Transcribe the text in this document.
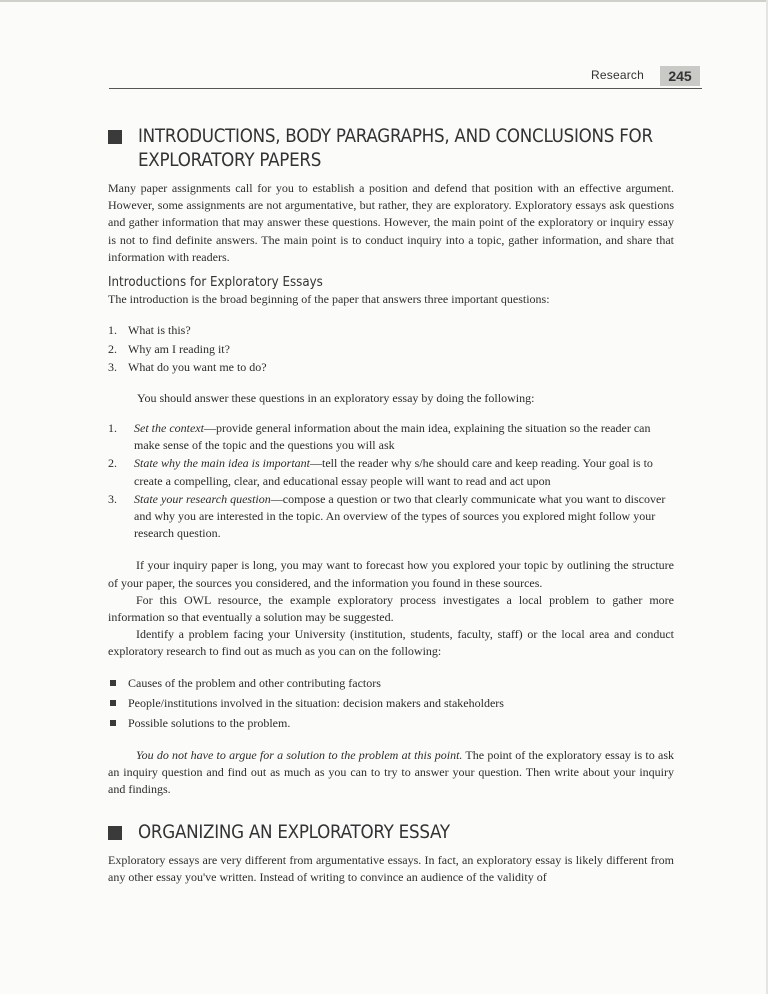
Research	245
INTRODUCTIONS, BODY PARAGRAPHS, AND CONCLUSIONS FOR
EXPLORATORY PAPERS

Many paper assignments call for you to establish a position and defend that position with an effective argument. However, some assignments are not argumentative, but rather, they are exploratory. Exploratory essays ask questions and gather information that may answer these questions. However, the main point of the exploratory or inquiry essay is not to find definite answers. The main point is to conduct inquiry into a topic, gather information, and share that information with readers.

Introductions for Exploratory Essays

The introduction is the broad beginning of the paper that answers three important questions:

1. What is this?
2. Why am I reading it?
3. What do you want me to do?

You should answer these questions in an exploratory essay by doing the following:

1. Set the context—provide general information about the main idea, explaining the situation so the reader can make sense of the topic and the questions you will ask
2. State why the main idea is important—tell the reader why s/he should care and keep reading. Your goal is to create a compelling, clear, and educational essay people will want to read and act upon
3. State your research question—compose a question or two that clearly communicate what you want to discover and why you are interested in the topic. An overview of the types of sources you explored might follow your research question.

If your inquiry paper is long, you may want to forecast how you explored your topic by outlining the structure of your paper, the sources you considered, and the information you found in these sources.

For this OWL resource, the example exploratory process investigates a local problem to gather more information so that eventually a solution may be suggested.

Identify a problem facing your University (institution, students, faculty, staff) or the local area and conduct exploratory research to find out as much as you can on the following:

Causes of the problem and other contributing factors
People/institutions involved in the situation: decision makers and stakeholders
Possible solutions to the problem.

You do not have to argue for a solution to the problem at this point. The point of the exploratory essay is to ask an inquiry question and find out as much as you can to try to answer your question. Then write about your inquiry and findings.

ORGANIZING AN EXPLORATORY ESSAY

Exploratory essays are very different from argumentative essays. In fact, an exploratory essay is likely different from any other essay you've written. Instead of writing to convince an audience of the validity of
